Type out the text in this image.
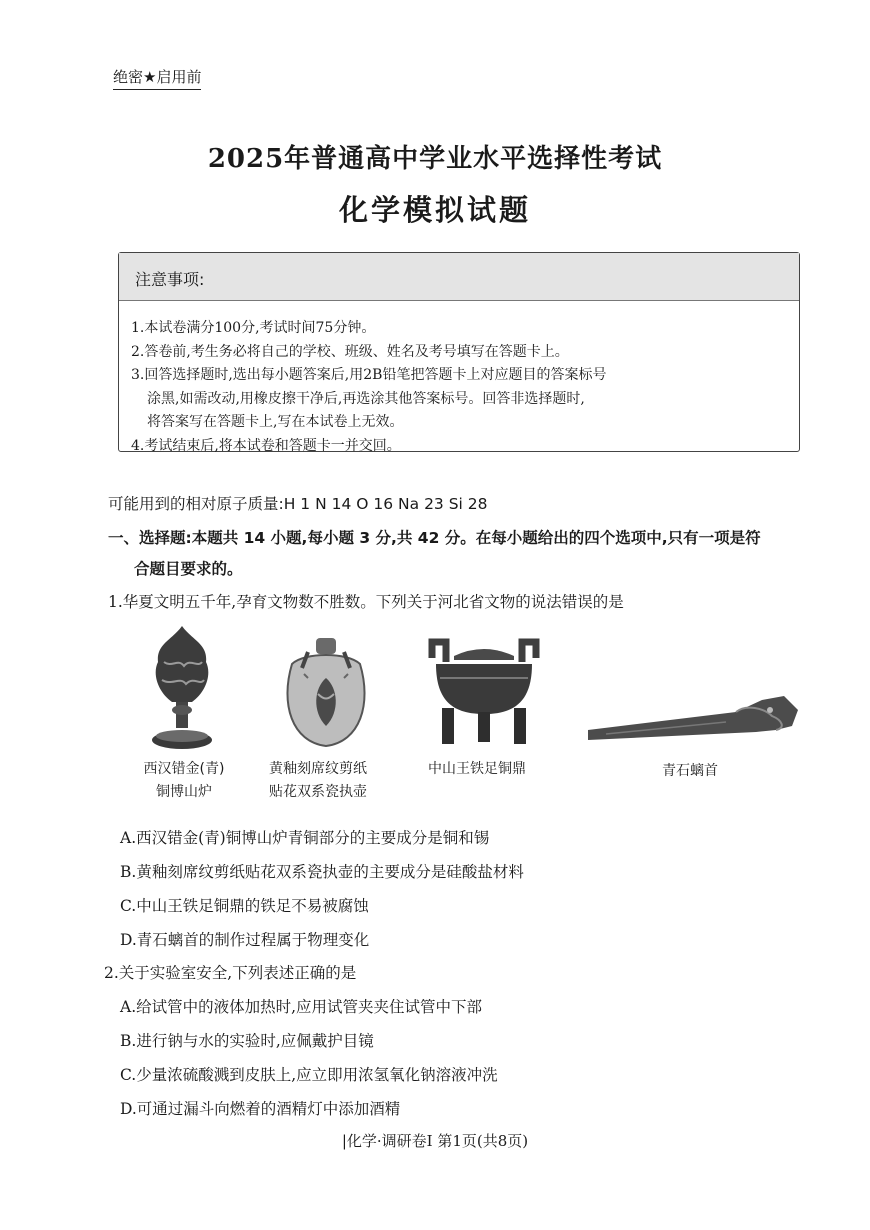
绝密★启用前
2025年普通高中学业水平选择性考试
化学模拟试题
注意事项:
1.本试卷满分100分,考试时间75分钟。
2.答卷前,考生务必将自己的学校、班级、姓名及考号填写在答题卡上。
3.回答选择题时,选出每小题答案后,用2B铅笔把答题卡上对应题目的答案标号
涂黑,如需改动,用橡皮擦干净后,再选涂其他答案标号。回答非选择题时,
将答案写在答题卡上,写在本试卷上无效。
4.考试结束后,将本试卷和答题卡一并交回。
可能用到的相对原子质量:H 1 N 14 O 16 Na 23 Si 28
一、选择题:本题共 14 小题,每小题 3 分,共 42 分。在每小题给出的四个选项中,只有一项是符
合题目要求的。
1.华夏文明五千年,孕育文物数不胜数。下列关于河北省文物的说法错误的是
西汉错金(青)
铜博山炉
黄釉刻席纹剪纸
贴花双系瓷执壶
中山王铁足铜鼎	青石螭首
A.西汉错金(青)铜博山炉青铜部分的主要成分是铜和锡
B.黄釉刻席纹剪纸贴花双系瓷执壶的主要成分是硅酸盐材料
C.中山王铁足铜鼎的铁足不易被腐蚀
D.青石螭首的制作过程属于物理变化
2.关于实验室安全,下列表述正确的是
A.给试管中的液体加热时,应用试管夹夹住试管中下部
B.进行钠与水的实验时,应佩戴护目镜
C.少量浓硫酸溅到皮肤上,应立即用浓氢氧化钠溶液冲洗
D.可通过漏斗向燃着的酒精灯中添加酒精
|化学·调研卷Ⅰ 第1页(共8页)
